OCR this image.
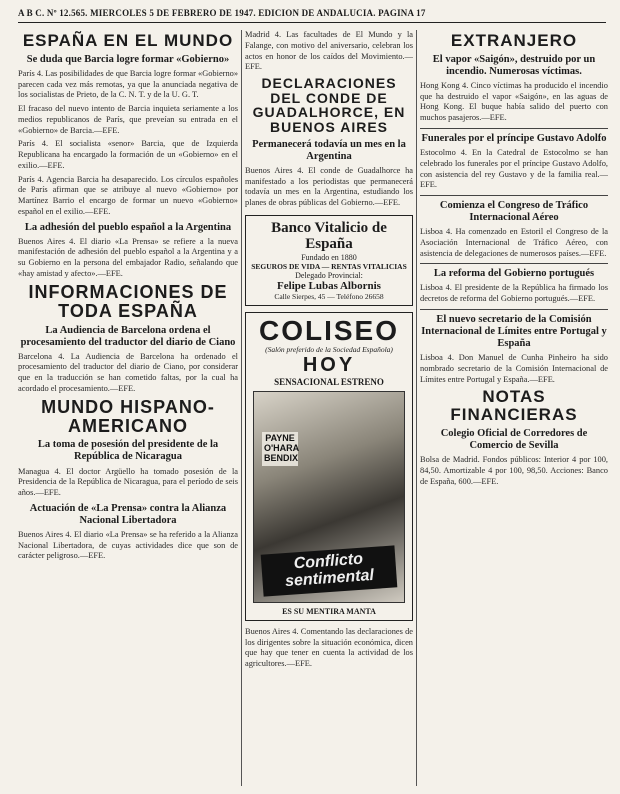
A B C. Nº 12.565. MIERCOLES 5 DE FEBRERO DE 1947. EDICION DE ANDALUCIA. PAGINA 17
ESPAÑA EN EL MUNDO
Se duda que Barcia logre formar «Gobierno»

París 4. Las posibilidades de que Barcia logre formar «Gobierno» parecen cada vez más remotas, ya que la anunciada negativa de los socialistas de Prieto, de la C. N. T. y de la U. G. T.

El fracaso del nuevo intento de Barcia inquieta seriamente a los medios republicanos de París, que preveían su entrada en el «Gobierno» de Barcia.—EFE.

París 4. El socialista «senor» Barcia, que de Izquierda Republicana ha encargado la formación de un «Gobierno» en el exilio.—EFE.

París 4. Agencia Barcia ha desaparecido. Los círculos españoles de París afirman que se atribuye al nuevo «Gobierno» por Martínez Barrio el encargo de formar un nuevo «Gobierno» español en el exilio.—EFE.

La adhesión del pueblo español a la Argentina

Buenos Aires 4. El diario «La Prensa» se refiere a la nueva manifestación de adhesión del pueblo español a la Argentina y a su Gobierno en la persona del embajador Radio, señalando que «hay amistad y afecto».—EFE.

INFORMACIONES DE TODA ESPAÑA
La Audiencia de Barcelona ordena el procesamiento del traductor del diario de Ciano

Barcelona 4. La Audiencia de Barcelona ha ordenado el procesamiento del traductor del diario de Ciano, por considerar que en la traducción se han cometido faltas, por la cual ha acordado el procesamiento.—EFE.

MUNDO HISPANO-AMERICANO
La toma de posesión del presidente de la República de Nicaragua

Managua 4. El doctor Argüello ha tomado posesión de la Presidencia de la República de Nicaragua, para el período de seis años.—EFE.

Actuación de «La Prensa» contra la Alianza Nacional Libertadora

Buenos Aires 4. El diario «La Prensa» se ha referido a la Alianza Nacional Libertadora, de cuyas actividades dice que son de carácter peligroso.—EFE.

Madrid 4. Las facultades de El Mundo y la Falange, con motivo del aniversario, celebran los actos en honor de los caídos del Movimiento.—EFE.

DECLARACIONES DEL CONDE DE GUADALHORCE, EN BUENOS AIRES
Permanecerá todavía un mes en la Argentina

Buenos Aires 4. El conde de Guadalhorce ha manifestado a los periodistas que permanecerá todavía un mes en la Argentina, estudiando los planes de obras públicas del Gobierno.—EFE.

Banco Vitalicio de España
Fundado en 1880
SEGUROS DE VIDA — RENTAS VITALICIAS
Delegado Provincial:
Felipe Lubas Albornis
Calle Sierpes, 45 — Teléfono 26658
COLISEO
(Salón preferido de la Sociedad Española)
HOY
SENSACIONAL ESTRENO
PAYNE O'HARA BENDIX
Conflicto sentimental
ES SU MENTIRA MANTA

Buenos Aires 4. Comentando las declaraciones de los dirigentes sobre la situación económica, dicen que hay que tener en cuenta la actividad de los agricultores.—EFE.

EXTRANJERO
El vapor «Saigón», destruido por un incendio. Numerosas víctimas.

Hong Kong 4. Cinco víctimas ha producido el incendio que ha destruido el vapor «Saigón», en las aguas de Hong Kong. El buque había salido del puerto con muchos pasajeros.—EFE.

Funerales por el príncipe Gustavo Adolfo

Estocolmo 4. En la Catedral de Estocolmo se han celebrado los funerales por el príncipe Gustavo Adolfo, con asistencia del rey Gustavo y de la familia real.—EFE.

Comienza el Congreso de Tráfico Internacional Aéreo

Lisboa 4. Ha comenzado en Estoril el Congreso de la Asociación Internacional de Tráfico Aéreo, con asistencia de delegaciones de numerosos países.—EFE.

La reforma del Gobierno portugués

Lisboa 4. El presidente de la República ha firmado los decretos de reforma del Gobierno portugués.—EFE.

El nuevo secretario de la Comisión Internacional de Límites entre Portugal y España

Lisboa 4. Don Manuel de Cunha Pinheiro ha sido nombrado secretario de la Comisión Internacional de Límites entre Portugal y España.—EFE.

NOTAS FINANCIERAS
Colegio Oficial de Corredores de Comercio de Sevilla

Bolsa de Madrid. Fondos públicos: Interior 4 por 100, 84,50. Amortizable 4 por 100, 98,50. Acciones: Banco de España, 600.—EFE.
